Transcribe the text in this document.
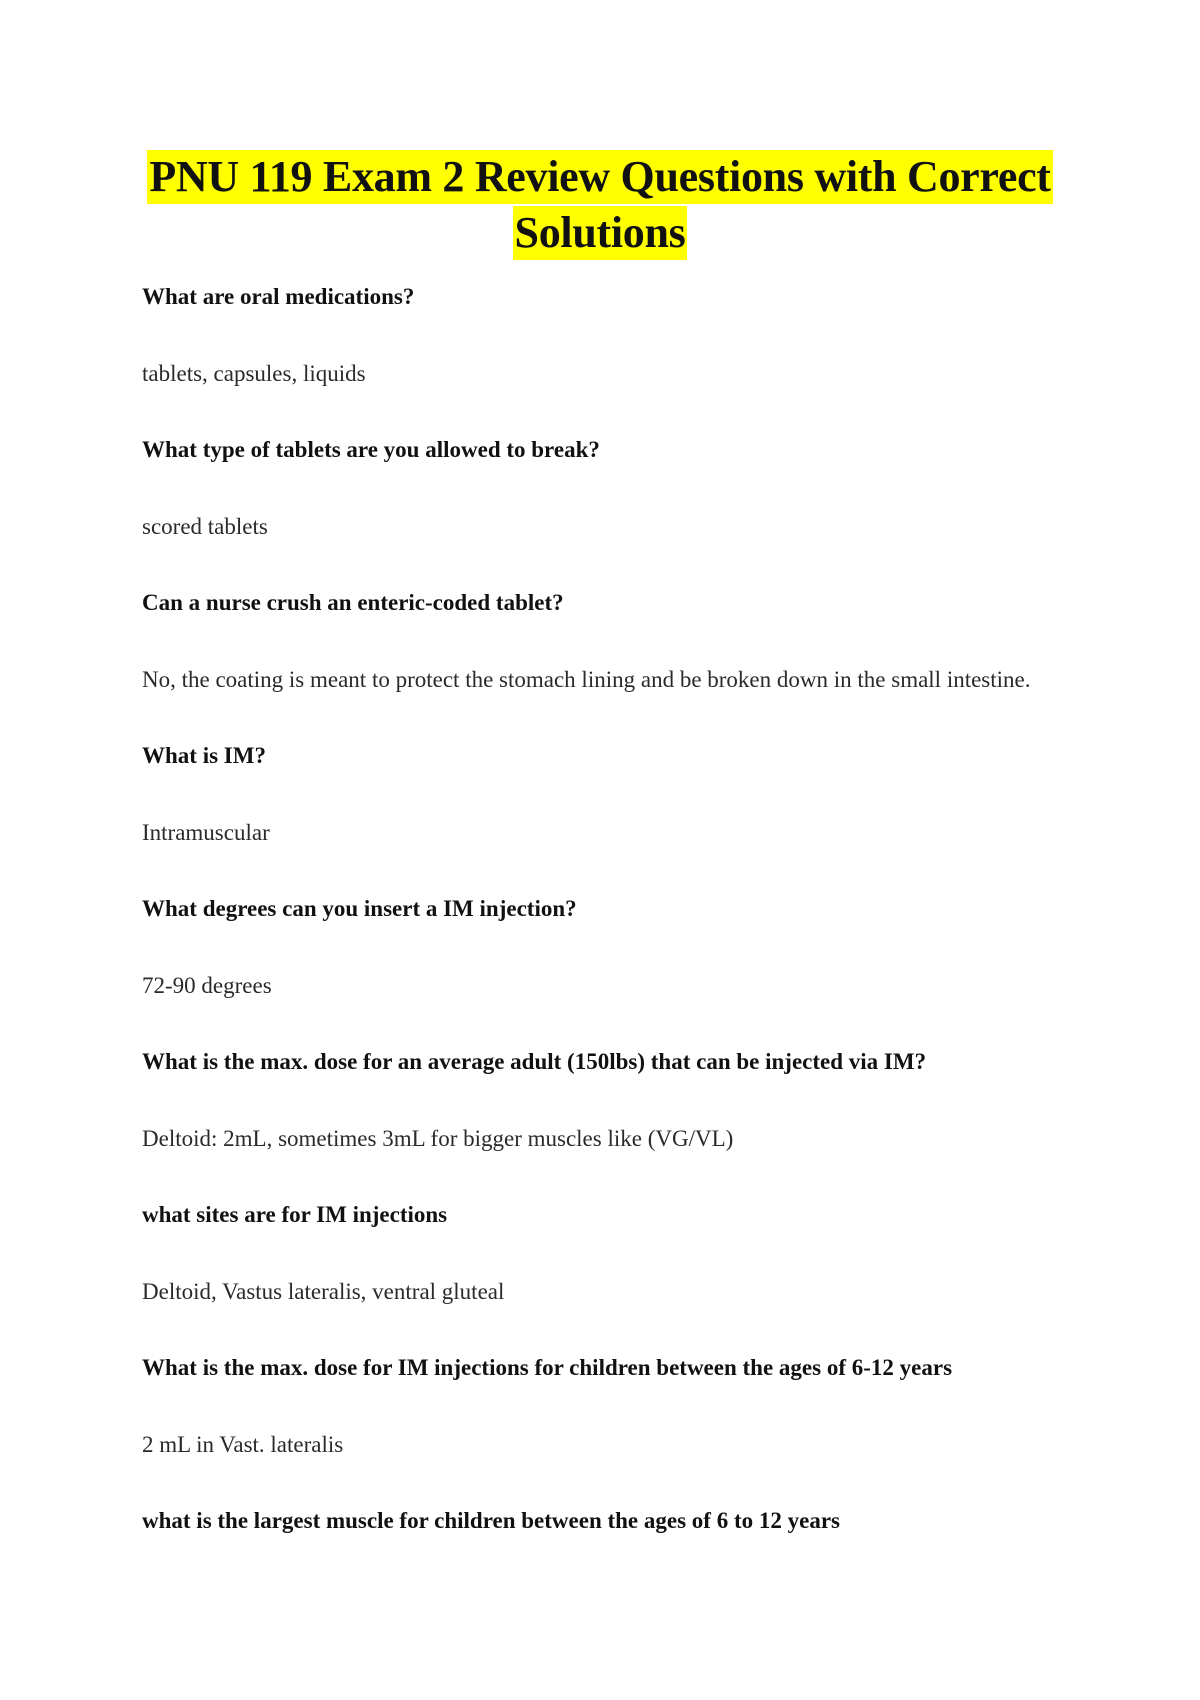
PNU 119 Exam 2 Review Questions with Correct
Solutions
What are oral medications?
tablets, capsules, liquids
What type of tablets are you allowed to break?
scored tablets
Can a nurse crush an enteric-coded tablet?
No, the coating is meant to protect the stomach lining and be broken down in the small intestine.
What is IM?
Intramuscular
What degrees can you insert a IM injection?
72-90 degrees
What is the max. dose for an average adult (150lbs) that can be injected via IM?
Deltoid: 2mL, sometimes 3mL for bigger muscles like (VG/VL)
what sites are for IM injections
Deltoid, Vastus lateralis, ventral gluteal
What is the max. dose for IM injections for children between the ages of 6-12 years
2 mL in Vast. lateralis
what is the largest muscle for children between the ages of 6 to 12 years
